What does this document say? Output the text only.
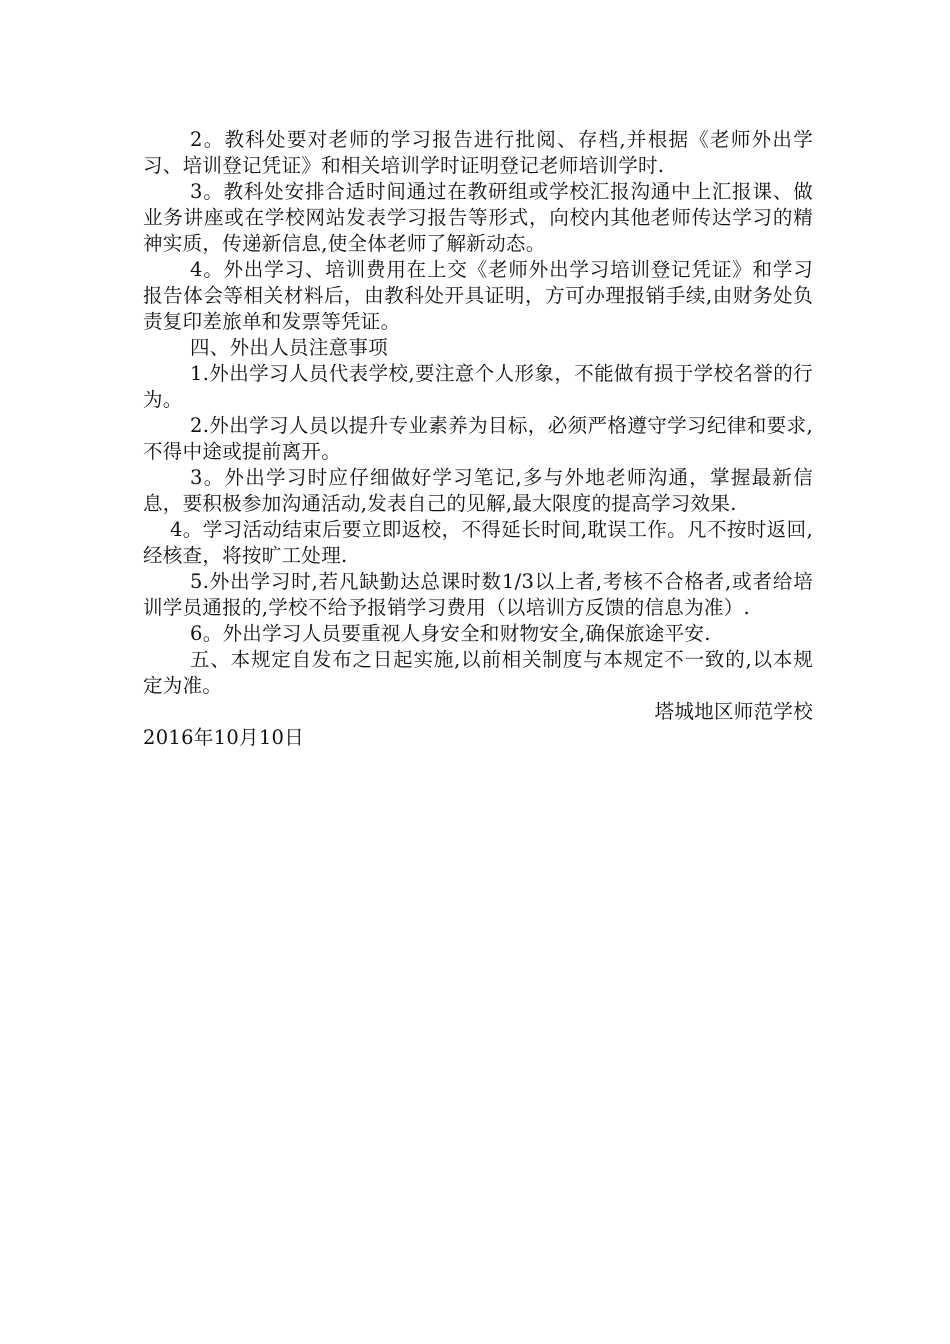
2。教科处要对老师的学习报告进行批阅、存档,并根据《老师外出学习、培训登记凭证》和相关培训学时证明登记老师培训学时.

3。教科处安排合适时间通过在教研组或学校汇报沟通中上汇报课、做业务讲座或在学校网站发表学习报告等形式，向校内其他老师传达学习的精神实质，传递新信息,使全体老师了解新动态。

4。外出学习、培训费用在上交《老师外出学习培训登记凭证》和学习报告体会等相关材料后，由教科处开具证明，方可办理报销手续,由财务处负责复印差旅单和发票等凭证。

四、外出人员注意事项

1.外出学习人员代表学校,要注意个人形象，不能做有损于学校名誉的行为。

2.外出学习人员以提升专业素养为目标，必须严格遵守学习纪律和要求,不得中途或提前离开。

3。外出学习时应仔细做好学习笔记,多与外地老师沟通，掌握最新信息，要积极参加沟通活动,发表自己的见解,最大限度的提高学习效果.

4。学习活动结束后要立即返校，不得延长时间,耽误工作。凡不按时返回,经核查，将按旷工处理.

5.外出学习时,若凡缺勤达总课时数1/3以上者,考核不合格者,或者给培训学员通报的,学校不给予报销学习费用（以培训方反馈的信息为准）.

6。外出学习人员要重视人身安全和财物安全,确保旅途平安.

五、本规定自发布之日起实施,以前相关制度与本规定不一致的,以本规定为准。

塔城地区师范学校

2016年10月10日
